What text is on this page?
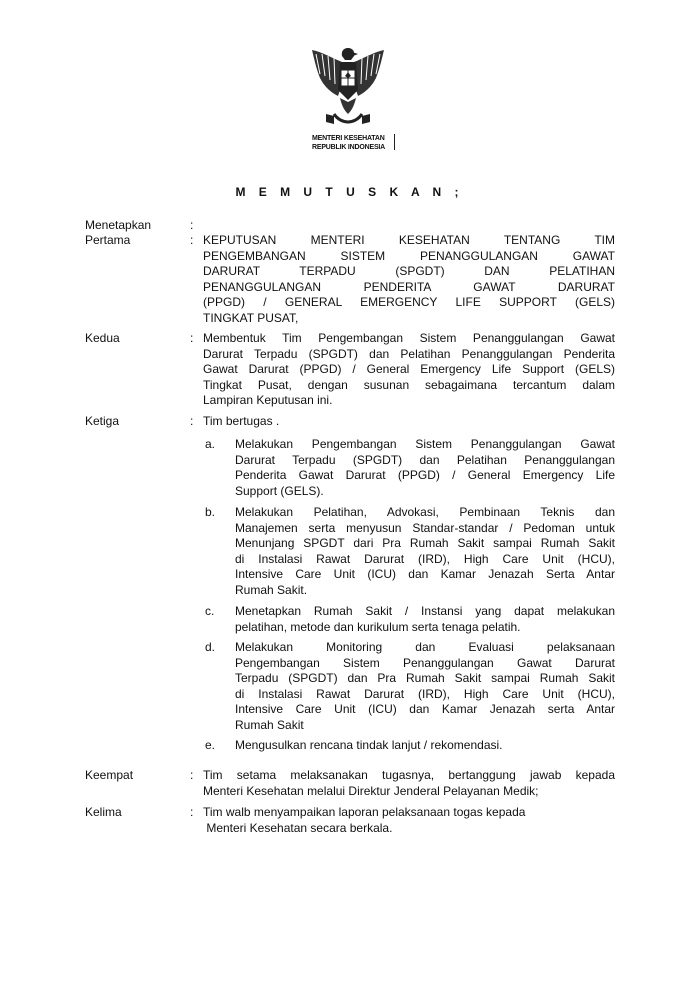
MENTERI KESEHATAN
REPUBLIK INDONESIA
M E M U T U S K A N ;
Menetapkan	:
Pertama	: KEPUTUSAN MENTERI KESEHATAN TENTANG TIM
PENGEMBANGAN SISTEM PENANGGULANGAN GAWAT
DARURAT TERPADU (SPGDT) DAN PELATIHAN
PENANGGULANGAN PENDERITA GAWAT DARURAT
(PPGD) / GENERAL EMERGENCY LIFE SUPPORT (GELS)
TINGKAT PUSAT,
Kedua	: Membentuk Tim Pengembangan Sistem Penanggulangan Gawat
Darurat Terpadu (SPGDT) dan Pelatihan Penanggulangan Penderita
Gawat Darurat (PPGD) / General Emergency Life Support (GELS)
Tingkat Pusat, dengan susunan sebagaimana tercantum dalam
Lampiran Keputusan ini.
Ketiga	: Tim bertugas .
a. Melakukan Pengembangan Sistem Penanggulangan Gawat
Darurat Terpadu (SPGDT) dan Pelatihan Penanggulangan
Penderita Gawat Darurat (PPGD) / General Emergency Life
Support (GELS).
b. Melakukan Pelatihan, Advokasi, Pembinaan Teknis dan
Manajemen serta menyusun Standar-standar / Pedoman untuk
Menunjang SPGDT dari Pra Rumah Sakit sampai Rumah Sakit
di Instalasi Rawat Darurat (IRD), High Care Unit (HCU),
Intensive Care Unit (ICU) dan Kamar Jenazah Serta Antar
Rumah Sakit.
c. Menetapkan Rumah Sakit / Instansi yang dapat melakukan
pelatihan, metode dan kurikulum serta tenaga pelatih.
d. Melakukan Monitoring dan Evaluasi pelaksanaan
Pengembangan Sistem Penanggulangan Gawat Darurat
Terpadu (SPGDT) dan Pra Rumah Sakit sampai Rumah Sakit
di Instalasi Rawat Darurat (IRD), High Care Unit (HCU),
Intensive Care Unit (ICU) dan Kamar Jenazah serta Antar
Rumah Sakit
e. Mengusulkan rencana tindak lanjut / rekomendasi.
Keempat	: Tim setama melaksanakan tugasnya, bertanggung jawab kepada
Menteri Kesehatan melalui Direktur Jenderal Pelayanan Medik;
Kelima	: Tim walb menyampaikan laporan pelaksanaan togas kepada
Menteri Kesehatan secara berkala.
